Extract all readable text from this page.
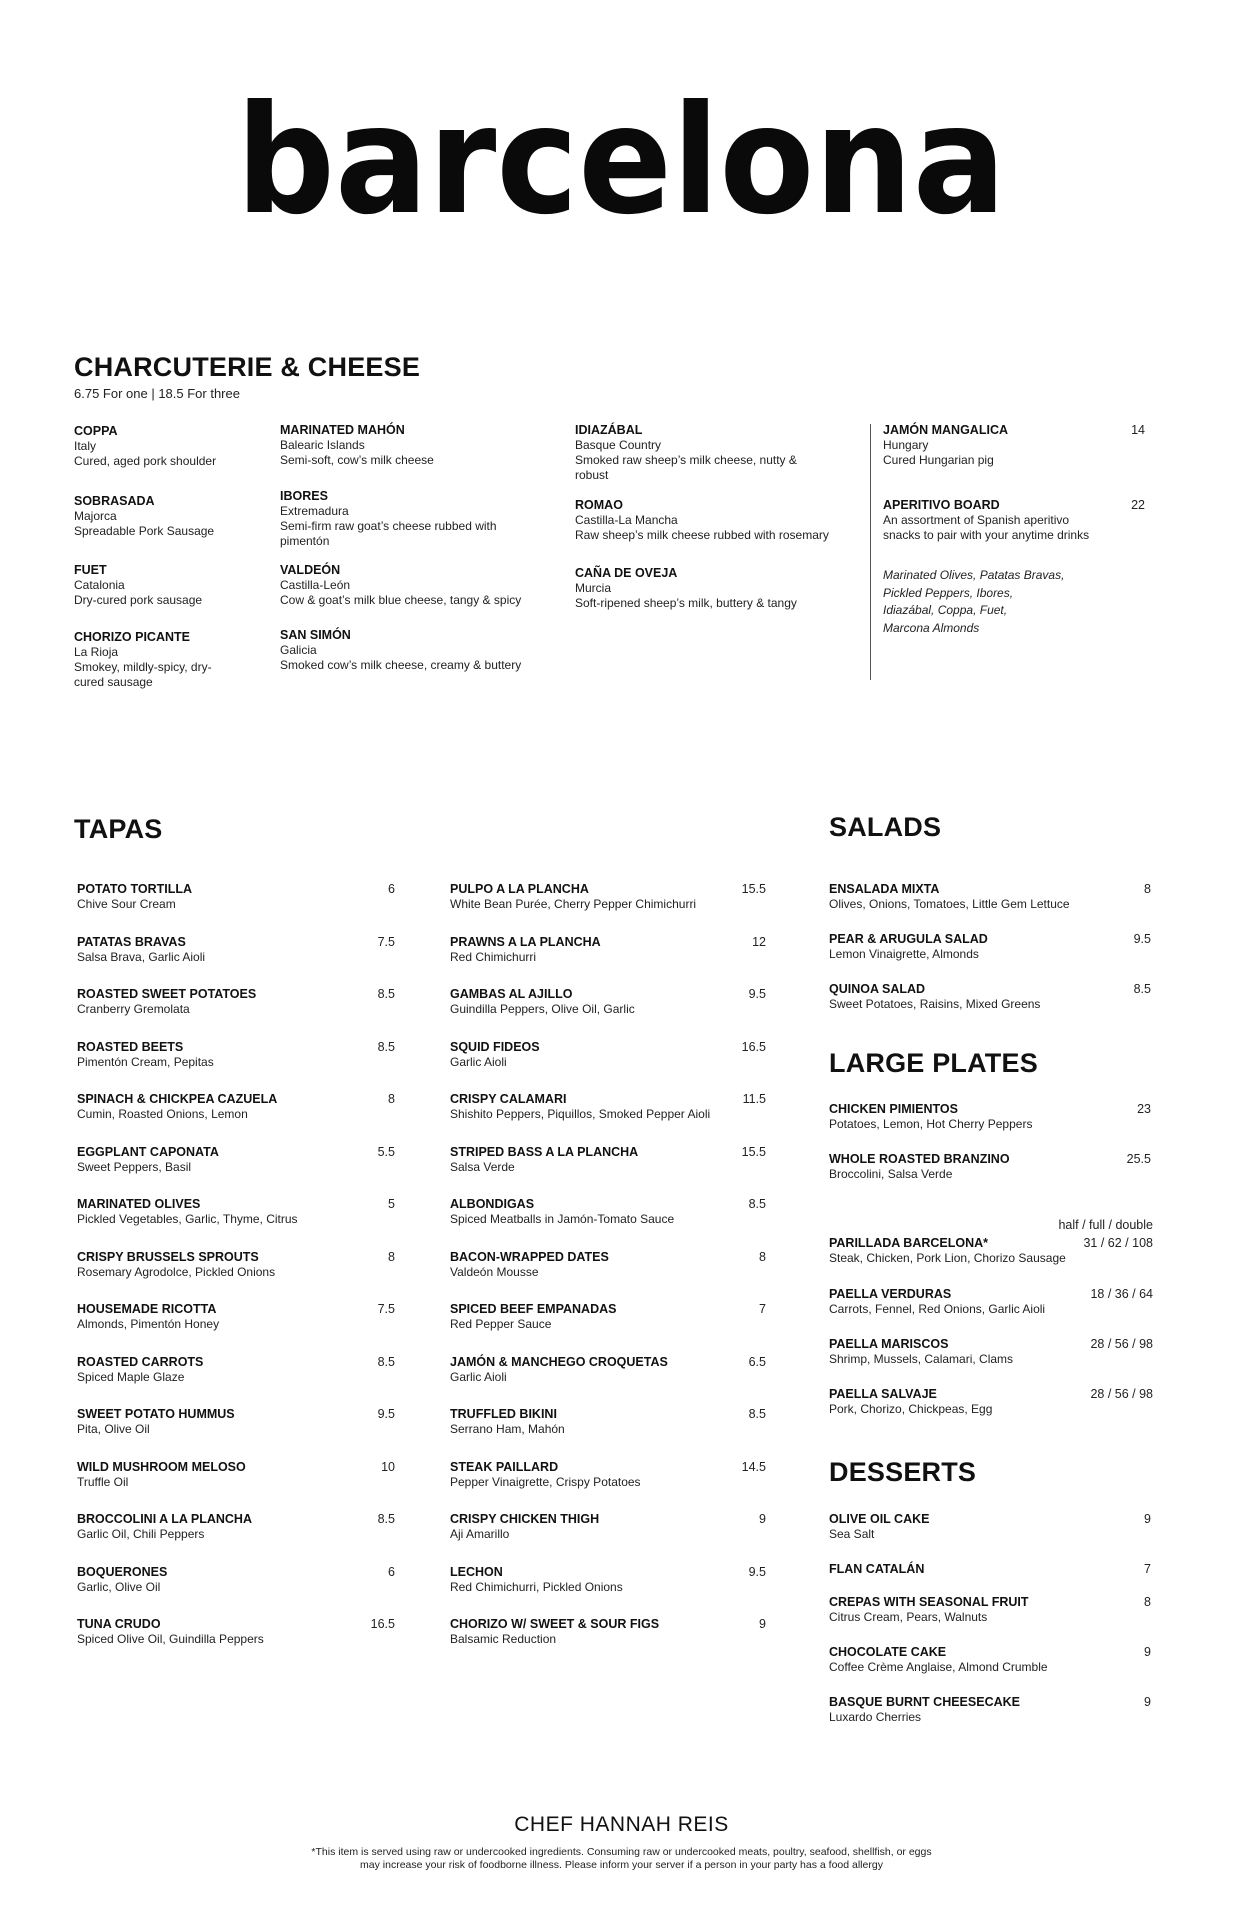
barcelona
CHARCUTERIE & CHEESE
6.75 For one | 18.5 For three
COPPA
Italy
Cured, aged pork shoulder
SOBRASADA
Majorca
Spreadable Pork Sausage
FUET
Catalonia
Dry-cured pork sausage
CHORIZO PICANTE
La Rioja
Smokey, mildly-spicy, dry-
cured sausage
MARINATED MAHÓN
Balearic Islands
Semi-soft, cow’s milk cheese
IBORES
Extremadura
Semi-firm raw goat’s cheese rubbed with
pimentón
VALDEÓN
Castilla-León
Cow & goat’s milk blue cheese, tangy & spicy
SAN SIMÓN
Galicia
Smoked cow’s milk cheese, creamy & buttery
IDIAZÁBAL
Basque Country
Smoked raw sheep’s milk cheese, nutty &
robust
ROMAO
Castilla-La Mancha
Raw sheep’s milk cheese rubbed with rosemary
CAÑA DE OVEJA
Murcia
Soft-ripened sheep’s milk, buttery & tangy
JAMÓN MANGALICA
Hungary
Cured Hungarian pig
14
APERITIVO BOARD
An assortment of Spanish aperitivo
snacks to pair with your anytime drinks
22
Marinated Olives, Patatas Bravas,
Pickled Peppers, Ibores,
Idiazábal, Coppa, Fuet,
Marcona Almonds
TAPAS
POTATO TORTILLA
Chive Sour Cream
6
PATATAS BRAVAS
Salsa Brava, Garlic Aioli
7.5
ROASTED SWEET POTATOES
Cranberry Gremolata
8.5
ROASTED BEETS
Pimentón Cream, Pepitas
8.5
SPINACH & CHICKPEA CAZUELA
Cumin, Roasted Onions, Lemon
8
EGGPLANT CAPONATA
Sweet Peppers, Basil
5.5
MARINATED OLIVES
Pickled Vegetables, Garlic, Thyme, Citrus
5
CRISPY BRUSSELS SPROUTS
Rosemary Agrodolce, Pickled Onions
8
HOUSEMADE RICOTTA
Almonds, Pimentón Honey
7.5
ROASTED CARROTS
Spiced Maple Glaze
8.5
SWEET POTATO HUMMUS
Pita, Olive Oil
9.5
WILD MUSHROOM MELOSO
Truffle Oil
10
BROCCOLINI A LA PLANCHA
Garlic Oil, Chili Peppers
8.5
BOQUERONES
Garlic, Olive Oil
6
TUNA CRUDO
Spiced Olive Oil, Guindilla Peppers
16.5
PULPO A LA PLANCHA
White Bean Purée, Cherry Pepper Chimichurri
15.5
PRAWNS A LA PLANCHA
Red Chimichurri
12
GAMBAS AL AJILLO
Guindilla Peppers, Olive Oil, Garlic
9.5
SQUID FIDEOS
Garlic Aioli
16.5
CRISPY CALAMARI
Shishito Peppers, Piquillos, Smoked Pepper Aioli
11.5
STRIPED BASS A LA PLANCHA
Salsa Verde
15.5
ALBONDIGAS
Spiced Meatballs in Jamón-Tomato Sauce
8.5
BACON-WRAPPED DATES
Valdeón Mousse
8
SPICED BEEF EMPANADAS
Red Pepper Sauce
7
JAMÓN & MANCHEGO CROQUETAS
Garlic Aioli
6.5
TRUFFLED BIKINI
Serrano Ham, Mahón
8.5
STEAK PAILLARD
Pepper Vinaigrette, Crispy Potatoes
14.5
CRISPY CHICKEN THIGH
Aji Amarillo
9
LECHON
Red Chimichurri, Pickled Onions
9.5
CHORIZO W/ SWEET & SOUR FIGS
Balsamic Reduction
9
SALADS
ENSALADA MIXTA
Olives, Onions, Tomatoes, Little Gem Lettuce
8
PEAR & ARUGULA SALAD
Lemon Vinaigrette, Almonds
9.5
QUINOA SALAD
Sweet Potatoes, Raisins, Mixed Greens
8.5
LARGE PLATES
CHICKEN PIMIENTOS
Potatoes, Lemon, Hot Cherry Peppers
23
WHOLE ROASTED BRANZINO
Broccolini, Salsa Verde
25.5
PARILLADA BARCELONA*
Steak, Chicken, Pork Lion, Chorizo Sausage
31 / 62 / 108
PAELLA VERDURAS
Carrots, Fennel, Red Onions, Garlic Aioli
18 / 36 / 64
PAELLA MARISCOS
Shrimp, Mussels, Calamari, Clams
28 / 56 / 98
PAELLA SALVAJE
Pork, Chorizo, Chickpeas, Egg
28 / 56 / 98
half / full / double
DESSERTS
OLIVE OIL CAKE
Sea Salt
9
FLAN CATALÁN	7
CREPAS WITH SEASONAL FRUIT
Citrus Cream, Pears, Walnuts
8
CHOCOLATE CAKE
Coffee Crème Anglaise, Almond Crumble
9
BASQUE BURNT CHEESECAKE
Luxardo Cherries
9
CHEF HANNAH REIS
*This item is served using raw or undercooked ingredients. Consuming raw or undercooked meats, poultry, seafood, shellfish, or eggs
may increase your risk of foodborne illness. Please inform your server if a person in your party has a food allergy
